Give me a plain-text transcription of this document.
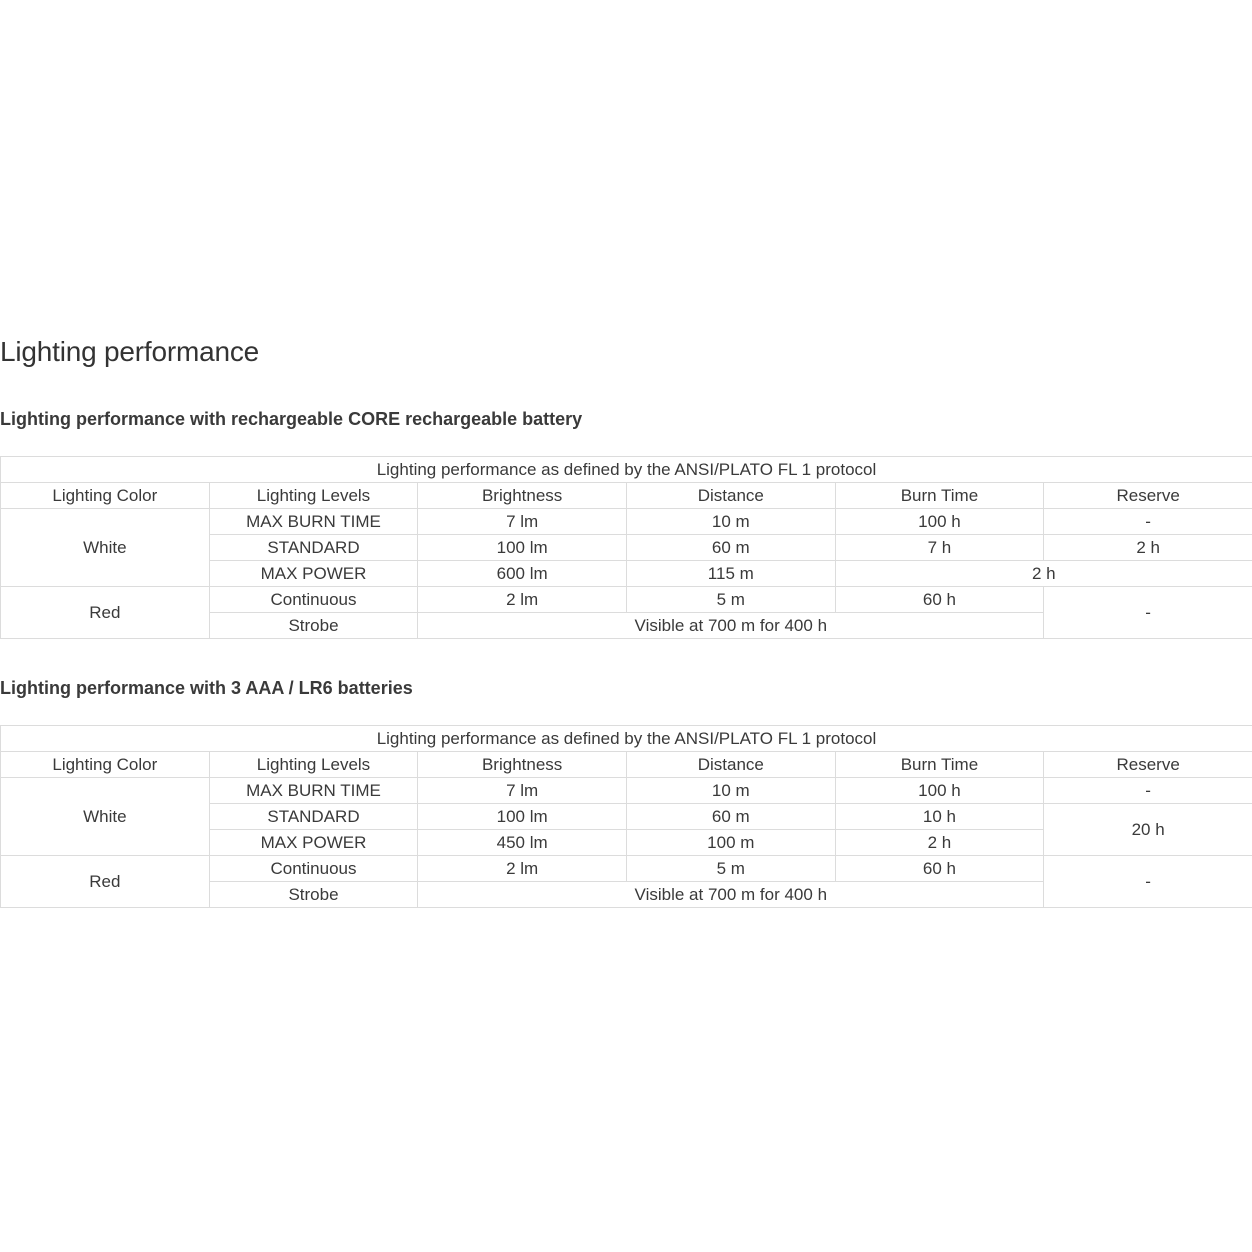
Lighting performance
Lighting performance with rechargeable CORE rechargeable battery
Lighting performance as defined by the ANSI/PLATO FL 1 protocol					
Lighting Color	Lighting Levels	Brightness	Distance	Burn Time	Reserve
White	MAX BURN TIME	7 lm	10 m	100 h	-
	STANDARD	100 lm	60 m	7 h	2 h
	MAX POWER	600 lm	115 m	2 h	
Red	Continuous	2 lm	5 m	60 h	-
	Strobe	Visible at 700 m for 400 h			
Lighting performance with 3 AAA / LR6 batteries
Lighting performance as defined by the ANSI/PLATO FL 1 protocol					
Lighting Color	Lighting Levels	Brightness	Distance	Burn Time	Reserve
White	MAX BURN TIME	7 lm	10 m	100 h	-
	STANDARD	100 lm	60 m	10 h	20 h
	MAX POWER	450 lm	100 m	2 h	
Red	Continuous	2 lm	5 m	60 h	-
	Strobe	Visible at 700 m for 400 h			
